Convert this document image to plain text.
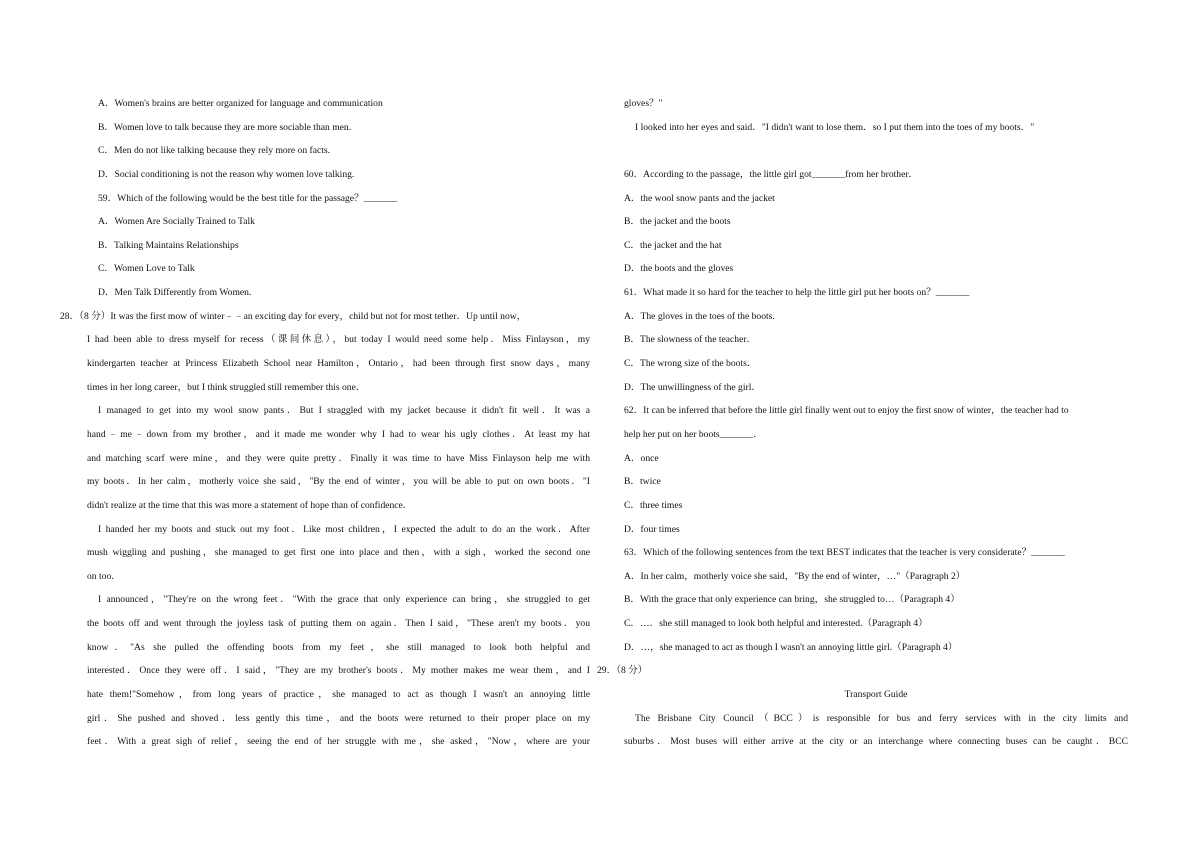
A．Women's brains are better organized for language and communication
B．Women love to talk because they are more sociable than men.
C．Men do not like talking because they rely more on facts.
D．Social conditioning is not the reason why women love talking.
59．Which of the following would be the best title for the passage？_______
A．Women Are Socially Trained to Talk
B．Talking Maintains Relationships
C．Women Love to Talk
D．Men Talk Differently from Women.
28．（8 分）It was the first mow of winter﹣﹣an exciting day for every，child but not for most tether．Up until now，
I had been able to dress myself for recess（课间休息），but today I would need some help．Miss Finlayson，my
kindergarten teacher at Princess Elizabeth School near Hamilton，Ontario，had been through first snow days，many
times in her long career，but I think struggled still remember this one．
I managed to get into my wool snow pants．But I straggled with my jacket because it didn't fit well．It was a
hand﹣me﹣down from my brother，and it made me wonder why I had to wear his ugly clothes．At least my hat
and matching scarf were mine，and they were quite pretty．Finally it was time to have Miss Finlayson help me with
my boots．In her calm，motherly voice she said，"By the end of winter，you will be able to put on own boots．"I
didn't realize at the time that this was more a statement of hope than of confidence．
I handed her my boots and stuck out my foot．Like most children，I expected the adult to do an the work．After
mush wiggling and pushing，she managed to get first one into place and then，with a sigh，worked the second one
on too．
I announced，"They're on the wrong feet．"With the grace that only experience can bring，she struggled to get
the boots off and went through the joyless task of putting them on again．Then I said，"These aren't my boots．you
know．"As she pulled the offending boots from my feet，she still managed to look both helpful and
interested．Once they were off．I said，"They are my brother's boots．My mother makes me wear them，and I
hate them!"Somehow，from long years of practice，she managed to act as though I wasn't an annoying little
girl．She pushed and shoved．less gently this time，and the boots were returned to their proper place on my
feet．With a great sigh of relief，seeing the end of her struggle with me，she asked，"Now，where are your
gloves？"
I looked into her eyes and said．"I didn't want to lose them．so I put them into the toes of my boots．"
60．According to the passage，the little girl got_______from her brother．
A．the wool snow pants and the jacket
B．the jacket and the boots
C．the jacket and the hat
D．the boots and the gloves
61．What made it so hard for the teacher to help the little girl put her boots on？_______
A．The gloves in the toes of the boots.
B．The slowness of the teacher．
C．The wrong size of the boots．
D．The unwillingness of the girl．
62．It can be inferred that before the little girl finally went out to enjoy the first snow of winter，the teacher had to
help her put on her boots_______．
A．once
B．twice
C．three times
D．four times
63．Which of the following sentences from the text BEST indicates that the teacher is very considerate？_______
A．In her calm，motherly voice she said，"By the end of winter，…"（Paragraph 2）
B．With the grace that only experience can bring，she struggled to…（Paragraph 4）
C．…．she still managed to look both helpful and interested.（Paragraph 4）
D．…，she managed to act as though I wasn't an annoying little girl.（Paragraph 4）
29．（8 分）
Transport Guide
The Brisbane City Council（BCC）is responsible for bus and ferry services with in the city limits and
suburbs．Most buses will either arrive at the city or an interchange where connecting buses can be caught．BCC
